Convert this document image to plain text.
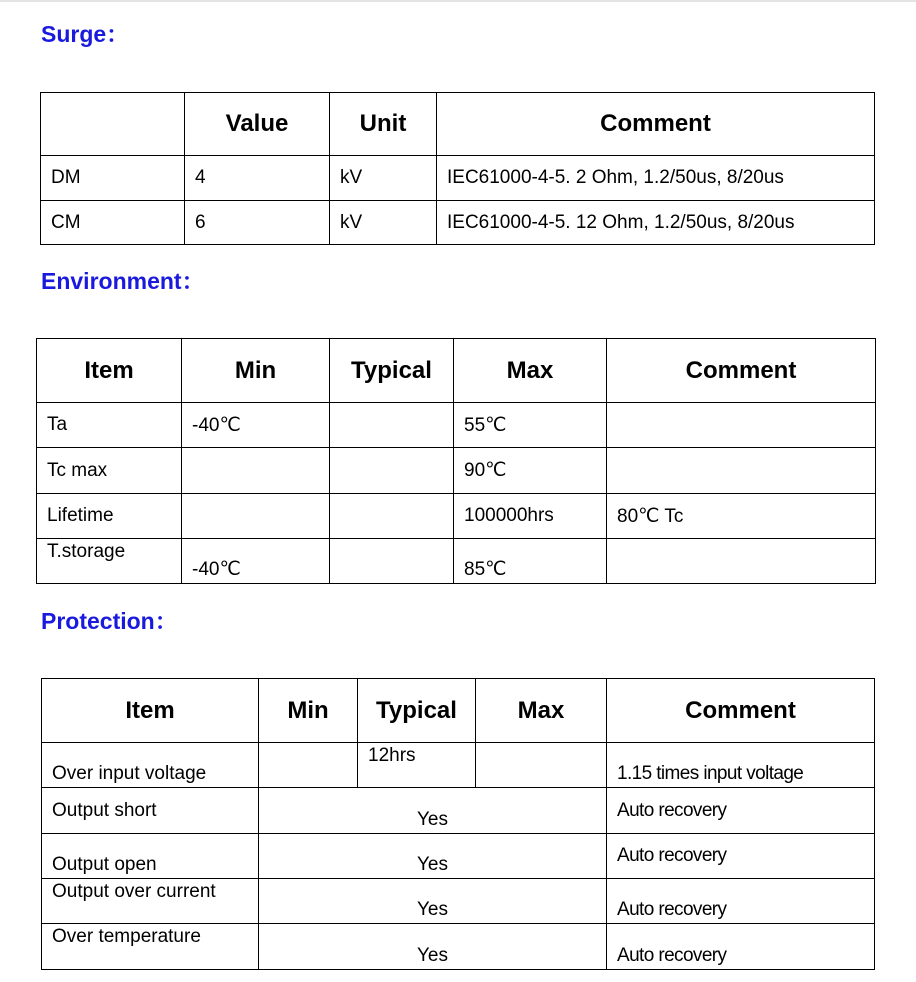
Surge：
	Value	Unit	Comment
DM	4	kV	IEC61000-4-5. 2 Ohm, 1.2/50us, 8/20us
CM	6	kV	IEC61000-4-5. 12 Ohm, 1.2/50us, 8/20us
Environment：
Item	Min	Typical	Max	Comment
Ta	-40℃		55℃	
Tc max			90℃	
Lifetime			100000hrs	80℃ Tc
T.storage	-40℃		85℃	
Protection：
Item	Min	Typical	Max	Comment
Over input voltage		12hrs		1.15 times input voltage
Output short	Yes			Auto recovery
Output open	Yes			Auto recovery
Output over current	Yes			Auto recovery
Over temperature	Yes			Auto recovery
